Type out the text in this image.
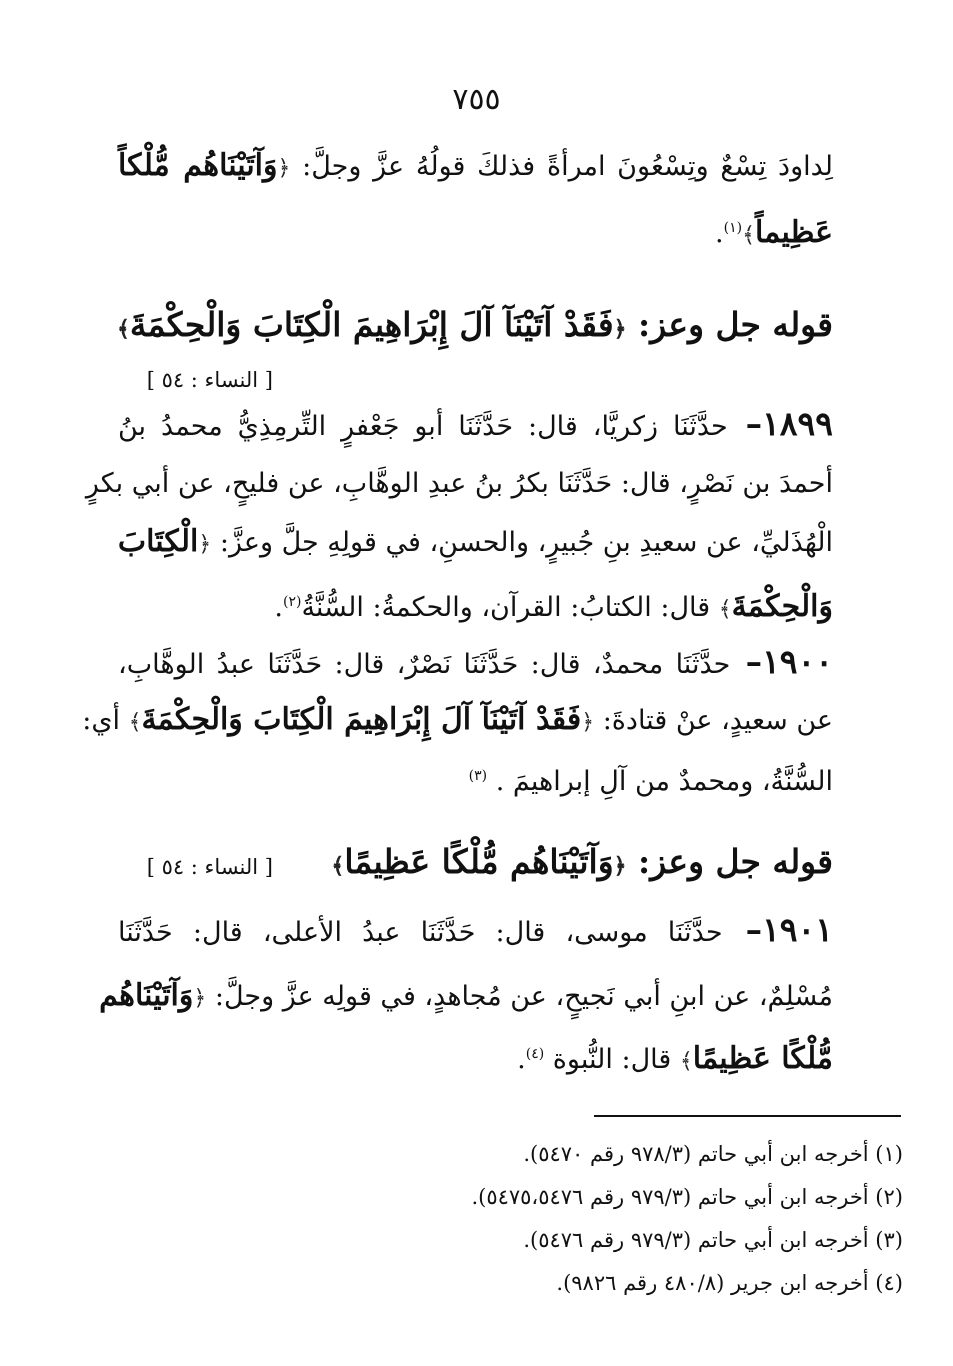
٧٥٥
لِداودَ تِسْعٌ وتِسْعُونَ امرأةً فذلكَ قولُهُ عزَّ وجلَّ: ﴿وَآتَيْنَاهُم مُّلْكاً
عَظِيماً﴾$^{(١)}$.
قوله جل وعز: ﴿فَقَدْ آتَيْنَآ آلَ إِبْرَاهِيمَ الْكِتَابَ وَالْحِكْمَةَ﴾
[ النساء : ٥٤ ]
١٨٩٩– حدَّثَنَا زكريَّا، قال: حَدَّثَنَا أبو جَعْفرٍ التِّرمِذِيُّ محمدُ بنُ
أحمدَ بن نَصْرٍ، قال: حَدَّثَنَا بكرُ بنُ عبدِ الوهَّابِ، عن فليحٍ، عن أبي بكرٍ
الْهُذَليِّ، عن سعيدِ بنِ جُبيرٍ، والحسنِ، في قولِهِ جلَّ وعزَّ: ﴿الْكِتَابَ
وَالْحِكْمَةَ﴾ قال: الكتابُ: القرآن، والحكمةُ: السُّنَّةُ$^{(٢)}$.
١٩٠٠– حدَّثَنَا محمدٌ، قال: حَدَّثَنَا نَصْرٌ، قال: حَدَّثَنَا عبدُ الوهَّابِ،
عن سعيدٍ، عنْ قتادةَ: ﴿فَقَدْ آتَيْنَآ آلَ إِبْرَاهِيمَ الْكِتَابَ وَالْحِكْمَةَ﴾ أي:
السُّنَّةُ، ومحمدٌ من آلِ إبراهيمَ . $^{(٣)}$
قوله جل وعز: ﴿وَآتَيْنَاهُم مُّلْكًا عَظِيمًا﴾
[ النساء : ٥٤ ]
١٩٠١– حدَّثَنَا موسى، قال: حَدَّثَنَا عبدُ الأعلى، قال: حَدَّثَنَا
مُسْلِمٌ، عن ابنِ أبي نَجيحٍ، عن مُجاهدٍ، في قولِه عزَّ وجلَّ: ﴿وَآتَيْنَاهُم
مُّلْكًا عَظِيمًا﴾ قال: النُّبوة $^{(٤)}$.
(١) أخرجه ابن أبي حاتم (٩٧٨/٣ رقم ٥٤٧٠).
(٢) أخرجه ابن أبي حاتم (٩٧٩/٣ رقم ٥٤٧٥،٥٤٧٦).
(٣) أخرجه ابن أبي حاتم (٩٧٩/٣ رقم ٥٤٧٦).
(٤) أخرجه ابن جرير (٤٨٠/٨ رقم ٩٨٢٦).
